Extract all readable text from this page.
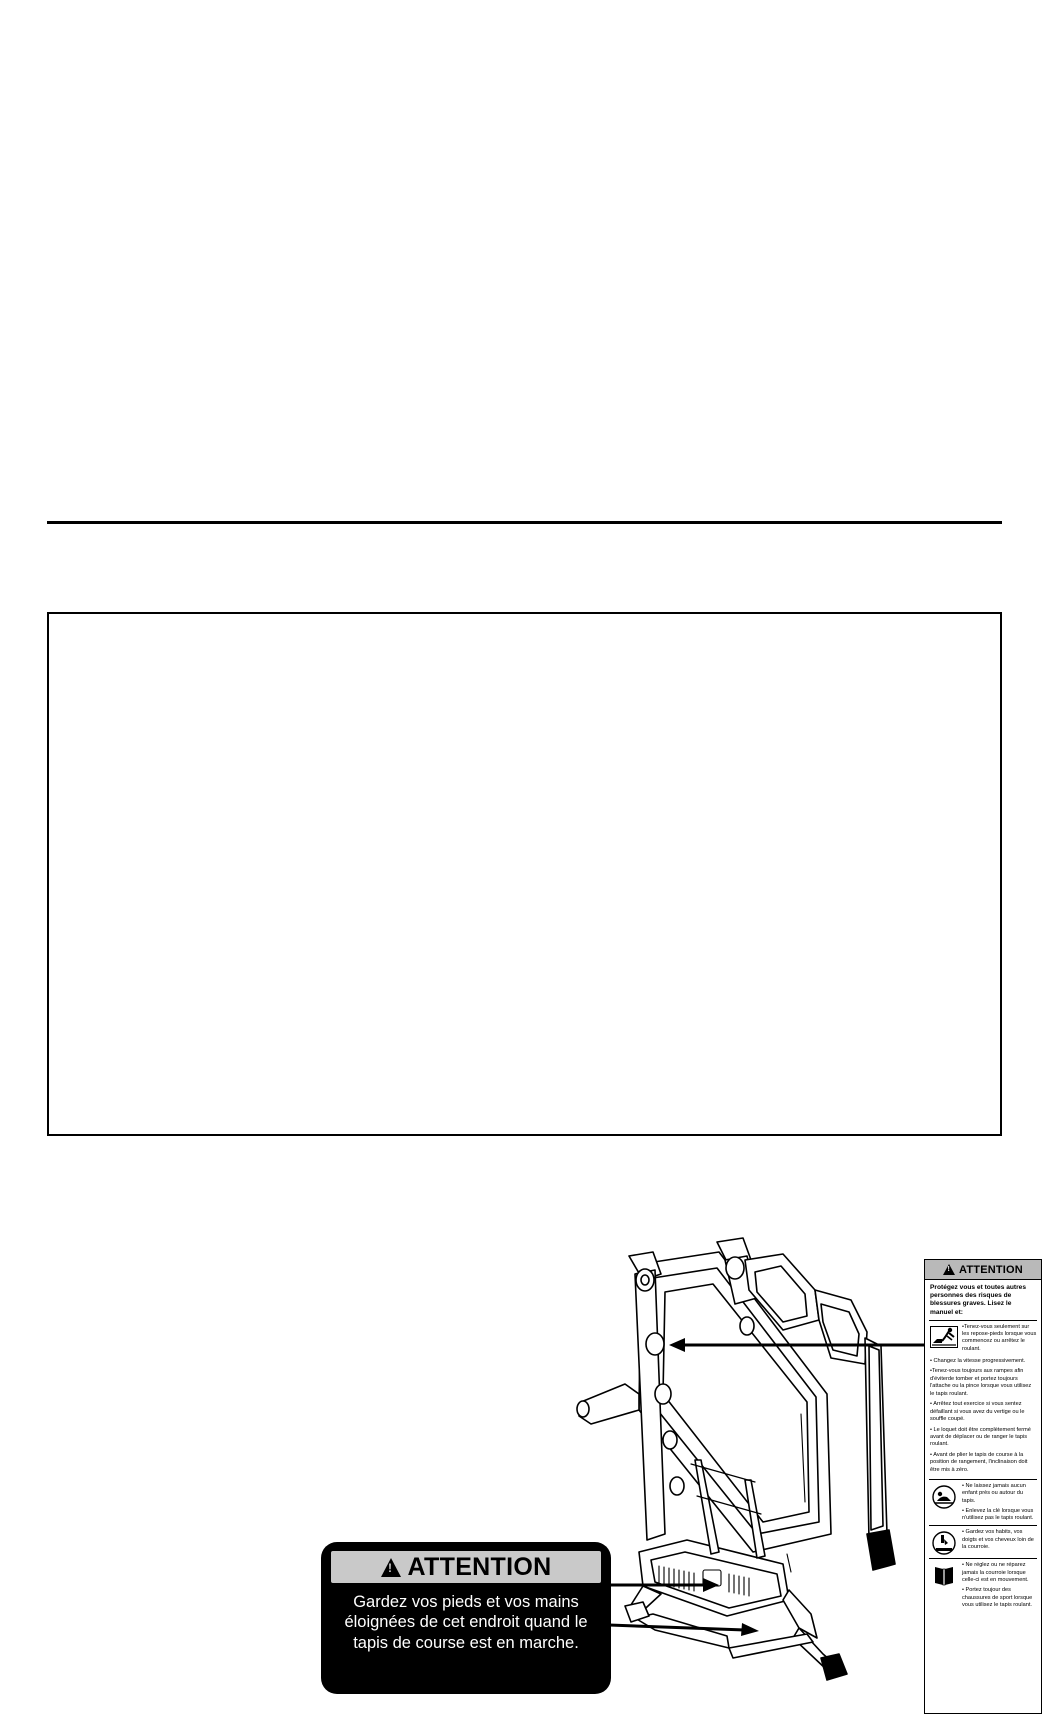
!
ATTENTION

Gardez vos pieds et vos mains éloignées de cet endroit quand le tapis de course est en marche.

!
ATTENTION
Protégez vous et toutes autres personnes des risques de blessures graves. Lisez le manuel et:

•Tenez-vous seulement sur les repose-pieds lorsque vous commencez ou arrêtez le roulant.

• Changez la vitesse progressivement.

•Tenez-vous toujours aux rampes afin d'éviterde tomber et portez toujours l'attache ou la pince lorsque vous utilisez le tapis roulant.

• Arrêtez tout exercice si vous sentez défaillant si vous avez du vertige ou le souffle coupé.

• Le loquet doit être complètement fermé avant de déplacer ou de ranger le tapis roulant.

• Avant de plier le tapis de course à la position de rangement, l'inclinaison doit être mis à zéro.

• Ne laissez jamais aucun enfant près ou autour du tapis.

• Enlevez la clé lorsque vous n'utilisez pas le tapis roulant.

• Gardez vos habits, vos doigts et vos cheveux loin de la courroie.

• Ne réglez ou ne réparez jamais la courroie lorsque celle-ci est en mouvement.

• Portez toujour des chaussures de sport lorsque vous utilisez le tapis roulant.
